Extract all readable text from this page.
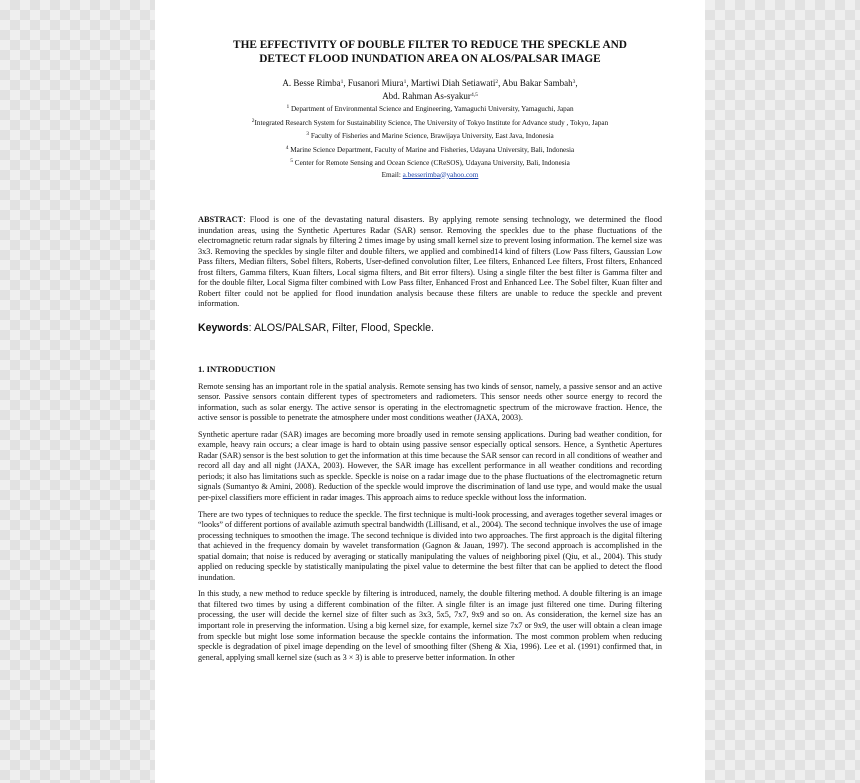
THE EFFECTIVITY OF DOUBLE FILTER TO REDUCE THE SPECKLE AND
DETECT FLOOD INUNDATION AREA ON ALOS/PALSAR IMAGE
A. Besse Rimba$^1$, Fusanori Miura$^1$, Martiwi Diah Setiawati$^2$, Abu Bakar Sambah$^3$,
Abd. Rahman As-syakur$^{4,5}$
$^1$ Department of Environmental Science and Engineering, Yamaguchi University, Yamaguchi, Japan
$^2$Integrated Research System for Sustainability Science, The University of Tokyo Institute for Advance study , Tokyo, Japan
$^3$ Faculty of Fisheries and Marine Science, Brawijaya University, East Java, Indonesia
$^4$ Marine Science Department, Faculty of Marine and Fisheries, Udayana University, Bali, Indonesia
$^5$ Center for Remote Sensing and Ocean Science (CReSOS), Udayana University, Bali, Indonesia
Email: a.besserimba@yahoo.com
ABSTRACT: Flood is one of the devastating natural disasters. By applying remote sensing technology, we determined the flood inundation areas, using the Synthetic Apertures Radar (SAR) sensor. Removing the speckles due to the phase fluctuations of the electromagnetic return radar signals by filtering 2 times image by using small kernel size to prevent losing information. The kernel size was 3x3. Removing the speckles by single filter and double filters, we applied and combined14 kind of filters (Low Pass filters, Gaussian Low Pass filters, Median filters, Sobel filters, Roberts, User-defined convolution filter, Lee filters, Enhanced Lee filters, Frost filters, Enhanced frost filters, Gamma filters, Kuan filters, Local sigma filters, and Bit error filters). Using a single filter the best filter is Gamma filter and for the double filter, Local Sigma filter combined with Low Pass filter, Enhanced Frost and Enhanced Lee. The Sobel filter, Kuan filter and Robert filter could not be applied for flood inundation analysis because these filters are unable to reduce the speckle and prevent information.
Keywords: ALOS/PALSAR, Filter, Flood, Speckle.
1. INTRODUCTION
Remote sensing has an important role in the spatial analysis. Remote sensing has two kinds of sensor, namely, a passive sensor and an active sensor. Passive sensors contain different types of spectrometers and radiometers. This sensor needs other source energy to record the information, such as solar energy. The active sensor is operating in the electromagnetic spectrum of the microwave fraction. Hence, the active sensor is possible to penetrate the atmosphere under most conditions weather (JAXA, 2003).
Synthetic aperture radar (SAR) images are becoming more broadly used in remote sensing applications. During bad weather condition, for example, heavy rain occurs; a clear image is hard to obtain using passive sensor especially optical sensors. Hence, a Synthetic Apertures Radar (SAR) sensor is the best solution to get the information at this time because the SAR sensor can record in all conditions of weather and record all day and all night (JAXA, 2003). However, the SAR image has excellent performance in all weather conditions and recording periods; it also has limitations such as speckle. Speckle is noise on a radar image due to the phase fluctuations of the electromagnetic return signals (Sumantyo & Amini, 2008). Reduction of the speckle would improve the discrimination of land use type, and would make the usual per-pixel classifiers more efficient in radar images. This approach aims to reduce speckle without loss the information.
There are two types of techniques to reduce the speckle. The first technique is multi-look processing, and averages together several images or “looks” of different portions of available azimuth spectral bandwidth (Lillisand, et al., 2004). The second technique involves the use of image processing techniques to smoothen the image. The second technique is divided into two approaches. The first approach is the digital filtering that achieved in the frequency domain by wavelet transformation (Gagnon & Jauan, 1997). The second approach is accomplished in the spatial domain; that noise is reduced by averaging or statically manipulating the values of neighboring pixel (Qiu, et al., 2004). This study applied on reducing speckle by statistically manipulating the pixel value to determine the best filter that can be applied to detect the flood inundation.
In this study, a new method to reduce speckle by filtering is introduced, namely, the double filtering method. A double filtering is an image that filtered two times by using a different combination of the filter. A single filter is an image just filtered one time. During filtering processing, the user will decide the kernel size of filter such as 3x3, 5x5, 7x7, 9x9 and so on. As consideration, the kernel size has an important role in preserving the information. Using a big kernel size, for example, kernel size 7x7 or 9x9, the user will obtain a clean image from speckle but might lose some information because the speckle contains the information. The most common problem when reducing speckle is degradation of pixel image depending on the level of smoothing filter (Sheng & Xia, 1996). Lee et al. (1991) confirmed that, in general, applying small kernel size (such as 3 × 3) is able to preserve better information. In other
